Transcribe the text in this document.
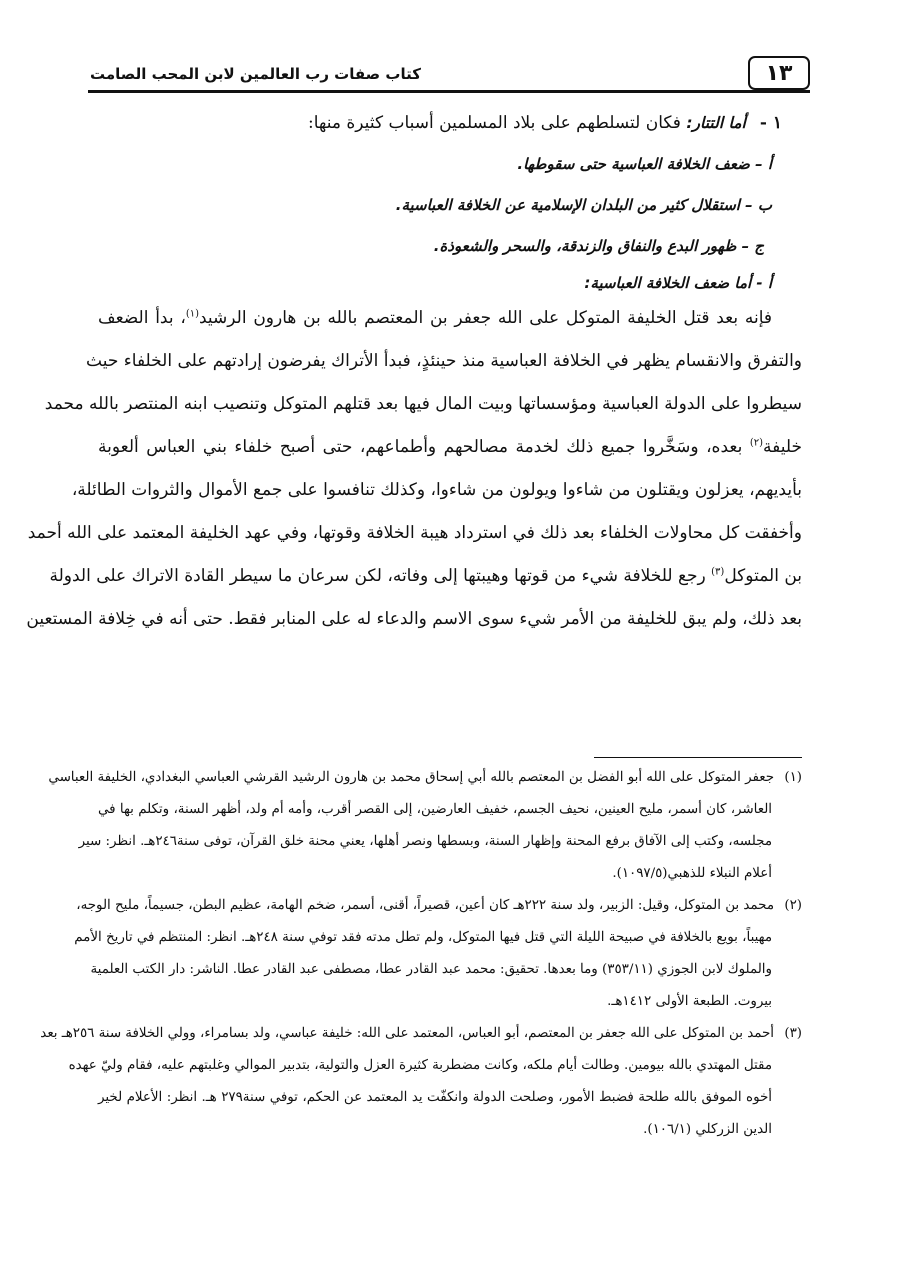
١٣
كتاب صفات رب العالمين لابن المحب الصامت
١ -أما التتار: فكان لتسلطهم على بلاد المسلمين أسباب كثيرة منها:
أ – ضعف الخلافة العباسية حتى سقوطها.
ب – استقلال كثير من البلدان الإسلامية عن الخلافة العباسية.
ج – ظهور البدع والنفاق والزندقة، والسحر والشعوذة.
أ - أما ضعف الخلافة العباسية:
فإنه بعد قتل الخليفة المتوكل على الله جعفر بن المعتصم بالله بن هارون الرشيد$^{(١)}$، بدأ الضعف
والتفرق والانقسام يظهر في الخلافة العباسية منذ حينئذٍ، فبدأ الأتراك يفرضون إرادتهم على الخلفاء حيث
سيطروا على الدولة العباسية ومؤسساتها وبيت المال فيها بعد قتلهم المتوكل وتنصيب ابنه المنتصر بالله محمد
خليفة$^{(٢)}$ بعده، وسَخَّروا جميع ذلك لخدمة مصالحهم وأطماعهم، حتى أصبح خلفاء بني العباس ألعوبة
بأيديهم، يعزلون ويقتلون من شاءوا ويولون من شاءوا، وكذلك تنافسوا على جمع الأموال والثروات الطائلة،
وأخفقت كل محاولات الخلفاء بعد ذلك في استرداد هيبة الخلافة وقوتها، وفي عهد الخليفة المعتمد على الله أحمد
بن المتوكل$^{(٣)}$ رجع للخلافة شيء من قوتها وهيبتها إلى وفاته، لكن سرعان ما سيطر القادة الاتراك على الدولة
بعد ذلك، ولم يبق للخليفة من الأمر شيء سوى الاسم والدعاء له على المنابر فقط. حتى أنه في خِلافة المستعين
(١)جعفر المتوكل على الله أبو الفضل بن المعتصم بالله أبي إسحاق محمد بن هارون الرشيد القرشي العباسي البغدادي، الخليفة العباسي
العاشر، كان أسمر، مليح العينين، نحيف الجسم، خفيف العارضين، إلى القصر أقرب، وأمه أم ولد، أظهر السنة، وتكلم بها في
مجلسه، وكتب إلى الآفاق برفع المحنة وإظهار السنة، وبسطها ونصر أهلها، يعني محنة خلق القرآن، توفى سنة٢٤٦هـ. انظر: سير
أعلام النبلاء للذهبي(١٠٩٧/٥).
(٢)محمد بن المتوكل، وقيل: الزبير، ولد سنة ٢٢٢هـ كان أعين، قصيراً، أقنى، أسمر، ضخم الهامة، عظيم البطن، جسيماً، مليح الوجه،
مهيباً، بويع بالخلافة في صبيحة الليلة التي قتل فيها المتوكل، ولم تطل مدته فقد توفي سنة ٢٤٨هـ. انظر: المنتظم في تاريخ الأمم
والملوك لابن الجوزي (٣٥٣/١١) وما بعدها. تحقيق: محمد عبد القادر عطا، مصطفى عبد القادر عطا. الناشر: دار الكتب العلمية
بيروت. الطبعة الأولى ١٤١٢هـ.
(٣)أحمد بن المتوكل على الله جعفر بن المعتصم، أبو العباس، المعتمد على الله: خليفة عباسي، ولد بسامراء، وولي الخلافة سنة ٢٥٦هـ بعد
مقتل المهتدي بالله بيومين. وطالت أيام ملكه، وكانت مضطربة كثيرة العزل والتولية، بتدبير الموالي وغلبتهم عليه، فقام وليّ عهده
أخوه الموفق بالله طلحة فضبط الأمور، وصلحت الدولة وانكفّت يد المعتمد عن الحكم، توفي سنة٢٧٩ هـ. انظر: الأعلام لخير
الدين الزركلي (١٠٦/١).
